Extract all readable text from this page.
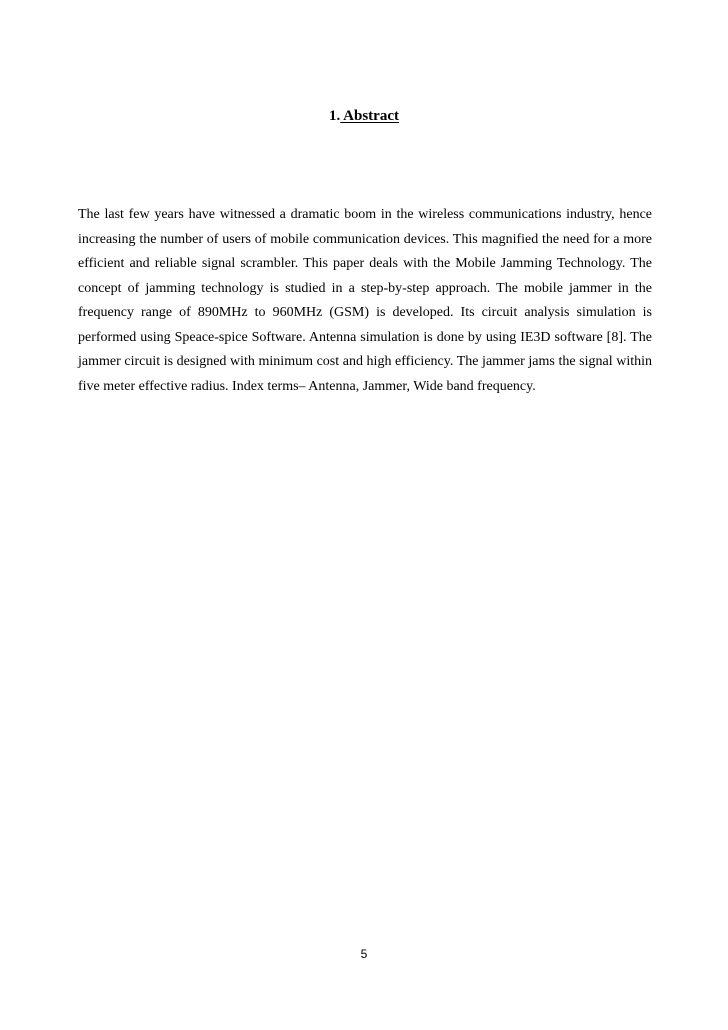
1. Abstract

The last few years have witnessed a dramatic boom in the wireless communications industry, hence increasing the number of users of mobile communication devices. This magnified the need for a more efficient and reliable signal scrambler. This paper deals with the Mobile Jamming Technology. The concept of jamming technology is studied in a step-by-step approach. The mobile jammer in the frequency range of 890MHz to 960MHz (GSM) is developed. Its circuit analysis simulation is performed using Speace-spice Software. Antenna simulation is done by using IE3D software [8]. The jammer circuit is designed with minimum cost and high efficiency. The jammer jams the signal within five meter effective radius. Index terms– Antenna, Jammer, Wide band frequency.

5
